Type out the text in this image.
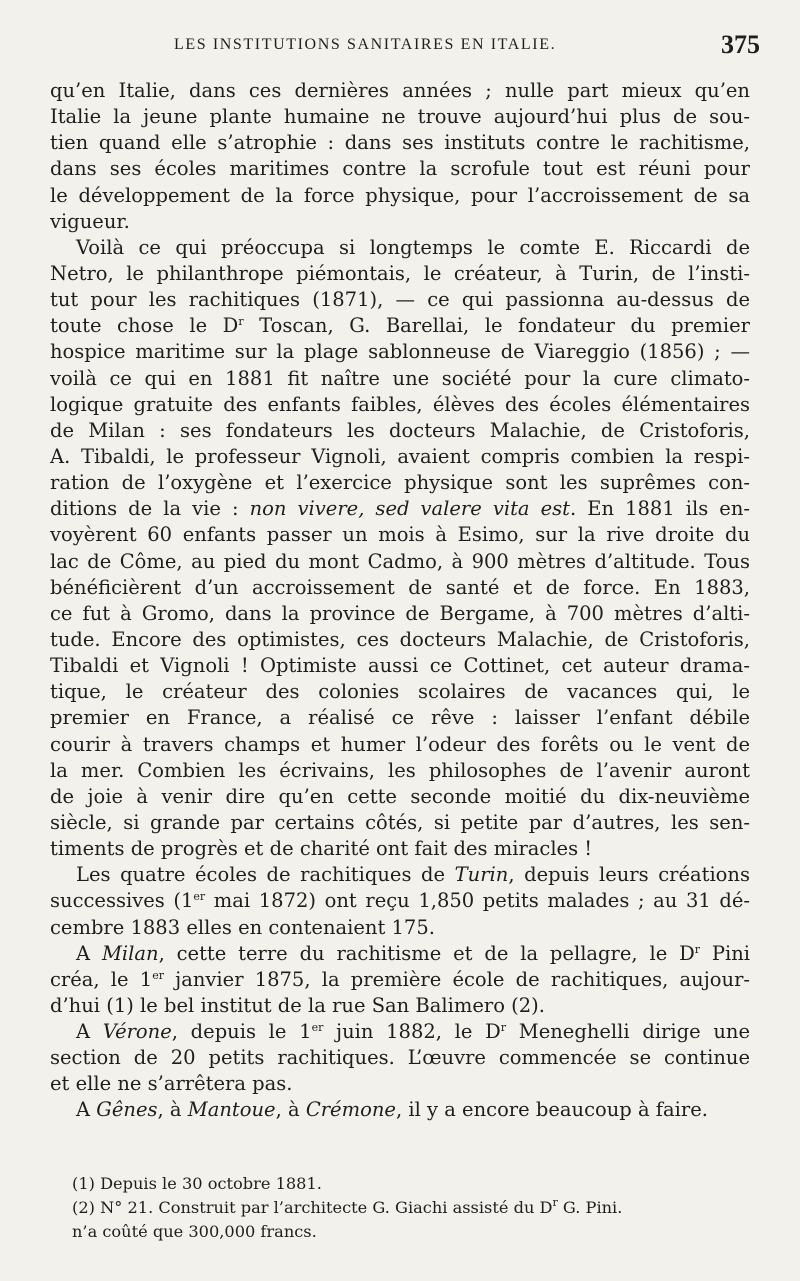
LES INSTITUTIONS SANITAIRES EN ITALIE.	375
qu’en Italie, dans ces dernières années ; nulle part mieux qu’en
Italie la jeune plante humaine ne trouve aujourd’hui plus de sou-
tien quand elle s’atrophie : dans ses instituts contre le rachitisme,
dans ses écoles maritimes contre la scrofule tout est réuni pour
le développement de la force physique, pour l’accroissement de sa
vigueur.
Voilà ce qui préoccupa si longtemps le comte E. Riccardi de
Netro, le philanthrope piémontais, le créateur, à Turin, de l’insti-
tut pour les rachitiques (1871), — ce qui passionna au-dessus de
toute chose le $D^r$ Toscan, G. Barellai, le fondateur du premier
hospice maritime sur la plage sablonneuse de Viareggio (1856) ; —
voilà ce qui en 1881 fit naître une société pour la cure climato-
logique gratuite des enfants faibles, élèves des écoles élémentaires
de Milan : ses fondateurs les docteurs Malachie, de Cristoforis,
A. Tibaldi, le professeur Vignoli, avaient compris combien la respi-
ration de l’oxygène et l’exercice physique sont les suprêmes con-
ditions de la vie : non vivere, sed valere vita est. En 1881 ils en-
voyèrent 60 enfants passer un mois à Esimo, sur la rive droite du
lac de Côme, au pied du mont Cadmo, à 900 mètres d’altitude. Tous
bénéficièrent d’un accroissement de santé et de force. En 1883,
ce fut à Gromo, dans la province de Bergame, à 700 mètres d’alti-
tude. Encore des optimistes, ces docteurs Malachie, de Cristoforis,
Tibaldi et Vignoli ! Optimiste aussi ce Cottinet, cet auteur drama-
tique, le créateur des colonies scolaires de vacances qui, le
premier en France, a réalisé ce rêve : laisser l’enfant débile
courir à travers champs et humer l’odeur des forêts ou le vent de
la mer. Combien les écrivains, les philosophes de l’avenir auront
de joie à venir dire qu’en cette seconde moitié du dix-neuvième
siècle, si grande par certains côtés, si petite par d’autres, les sen-
timents de progrès et de charité ont fait des miracles !
Les quatre écoles de rachitiques de Turin, depuis leurs créations
successives (1er mai 1872) ont reçu 1,850 petits malades ; au 31 dé-
cembre 1883 elles en contenaient 175.
A Milan, cette terre du rachitisme et de la pellagre, le $D^r$ Pini
créa, le 1er janvier 1875, la première école de rachitiques, aujour-
d’hui (1) le bel institut de la rue San Balimero (2).
A Vérone, depuis le 1er juin 1882, le $D^r$ Meneghelli dirige une
section de 20 petits rachitiques. L’œuvre commencée se continue
et elle ne s’arrêtera pas.
A Gênes, à Mantoue, à Crémone, il y a encore beaucoup à faire.
(1) Depuis le 30 octobre 1881.
(2) N° 21. Construit par l’architecte G. Giachi assisté du $D^r$ G. Pini.
n’a coûté que 300,000 francs.
